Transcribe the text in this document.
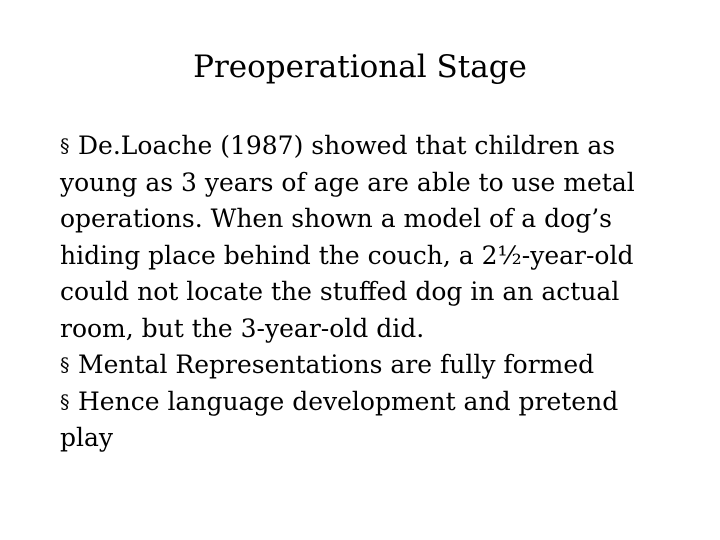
Preoperational Stage
§ De.Loache (1987) showed that children as
young as 3 years of age are able to use metal
operations. When shown a model of a dog’s
hiding place behind the couch, a 2½-year-old
could not locate the stuffed dog in an actual
room, but the 3-year-old did.
§ Mental Representations are fully formed
§ Hence language development and pretend
play
